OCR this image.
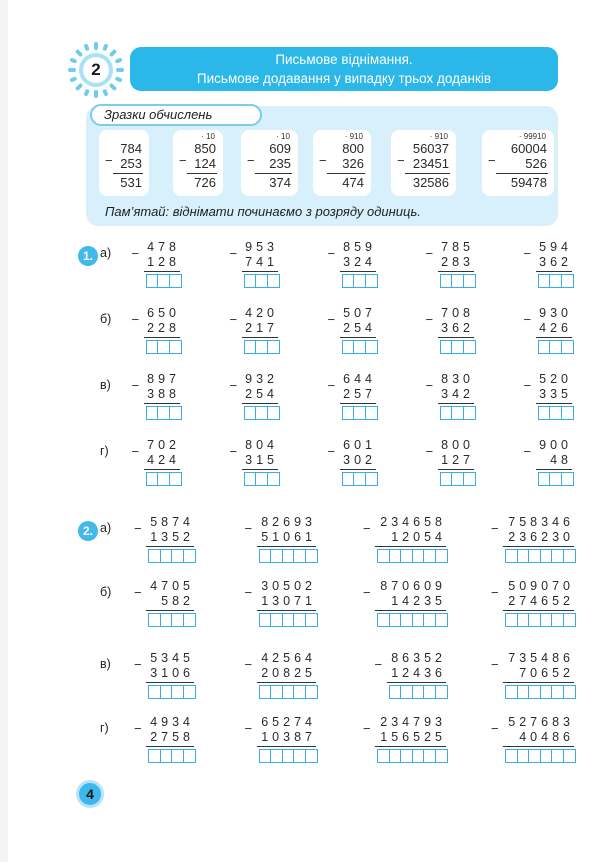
2
Письмове віднімання.
Письмове додавання у випадку трьох доданків
Зразки обчислень
−
784
253
531
· 10
−
850
124
726
· 10
−
609
235
374
· 910
−
800
326
474
· 910
−
56037
23451
32586
· 99910
−
60004
526
59478
Пам’ятай: віднімати починаємо з розряду одиниць.
1. а) − 478
128
− 953
741
− 859
324
− 785
283
− 594
362
б) − 650
228
− 420
217
− 507
254
− 708
362
− 930
426
в) − 897
388
− 932
254
− 644
257
− 830
342
− 520
335
г) − 702
424
− 804
315
− 601
302
− 800
127
− 900
48
2. а) − 5874
1352
− 82693
51061
− 234658
12054
− 758346
236230
б) − 4705
582
− 30502
13071
− 870609
14235
− 509070
274652
в) − 5345
3106
− 42564
20825
− 86352
12436
− 735486
70652
г) − 4934
2758
− 65274
10387
− 234793
156525
− 527683
40486
4
